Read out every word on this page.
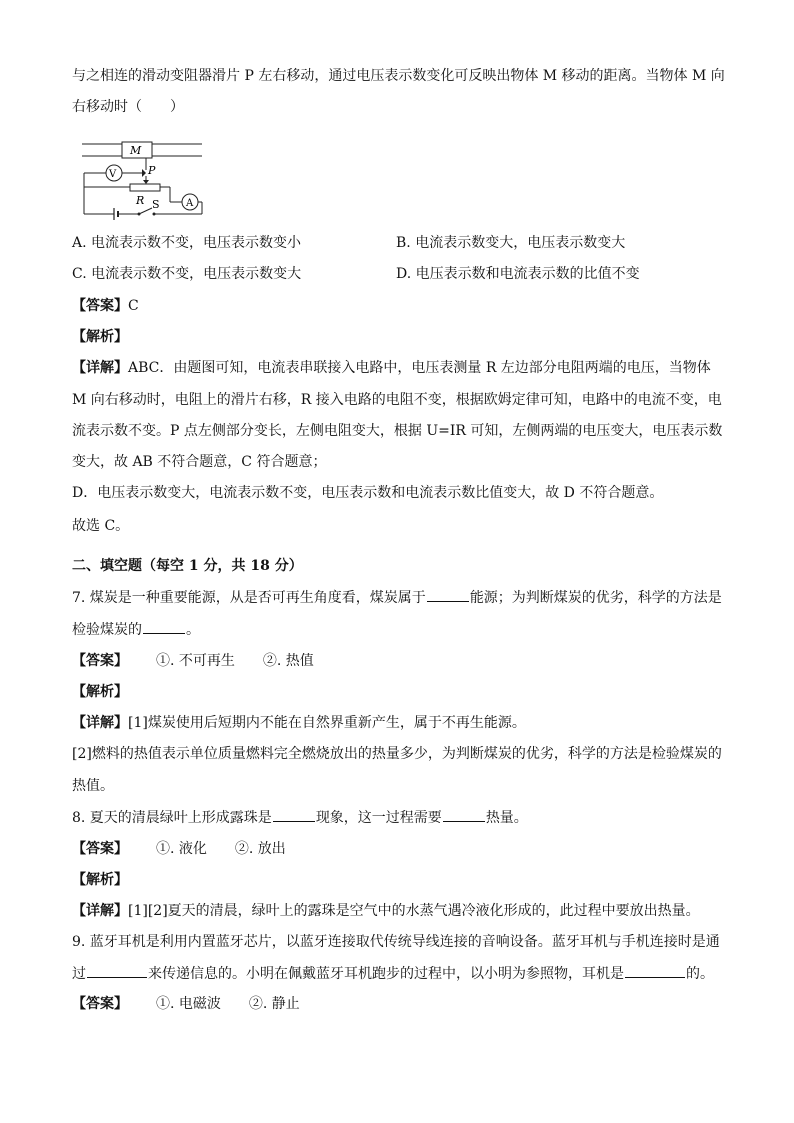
与之相连的滑动变阻器滑片 P 左右移动，通过电压表示数变化可反映出物体 M 移动的距离。当物体 M 向
右移动时（　　）
M
V	P
R	A
S
A. 电流表示数不变，电压表示数变小	B. 电流表示数变大，电压表示数变大
C. 电流表示数不变，电压表示数变大	D. 电压表示数和电流表示数的比值不变
【答案】C
【解析】
【详解】ABC．由题图可知，电流表串联接入电路中，电压表测量 R 左边部分电阻两端的电压，当物体
M 向右移动时，电阻上的滑片右移，R 接入电路的电阻不变，根据欧姆定律可知，电路中的电流不变，电
流表示数不变。P 点左侧部分变长，左侧电阻变大，根据 U=IR 可知，左侧两端的电压变大，电压表示数
变大，故 AB 不符合题意，C 符合题意；
D．电压表示数变大，电流表示数不变，电压表示数和电流表示数比值变大，故 D 不符合题意。
故选 C。
二、填空题（每空 1 分，共 18 分）
7. 煤炭是一种重要能源，从是否可再生角度看，煤炭属于	能源；为判断煤炭的优劣，科学的方法是
检验煤炭的	。
【答案】 ①. 不可再生 ②. 热值
【解析】
【详解】[1]煤炭使用后短期内不能在自然界重新产生，属于不再生能源。
[2]燃料的热值表示单位质量燃料完全燃烧放出的热量多少，为判断煤炭的优劣，科学的方法是检验煤炭的
热值。
8. 夏天的清晨绿叶上形成露珠是	现象，这一过程需要	热量。
【答案】 ①. 液化 ②. 放出
【解析】
【详解】[1][2]夏天的清晨，绿叶上的露珠是空气中的水蒸气遇冷液化形成的，此过程中要放出热量。
9. 蓝牙耳机是利用内置蓝牙芯片，以蓝牙连接取代传统导线连接的音响设备。蓝牙耳机与手机连接时是通
过	来传递信息的。小明在佩戴蓝牙耳机跑步的过程中，以小明为参照物，耳机是	的。
【答案】 ①. 电磁波 ②. 静止
